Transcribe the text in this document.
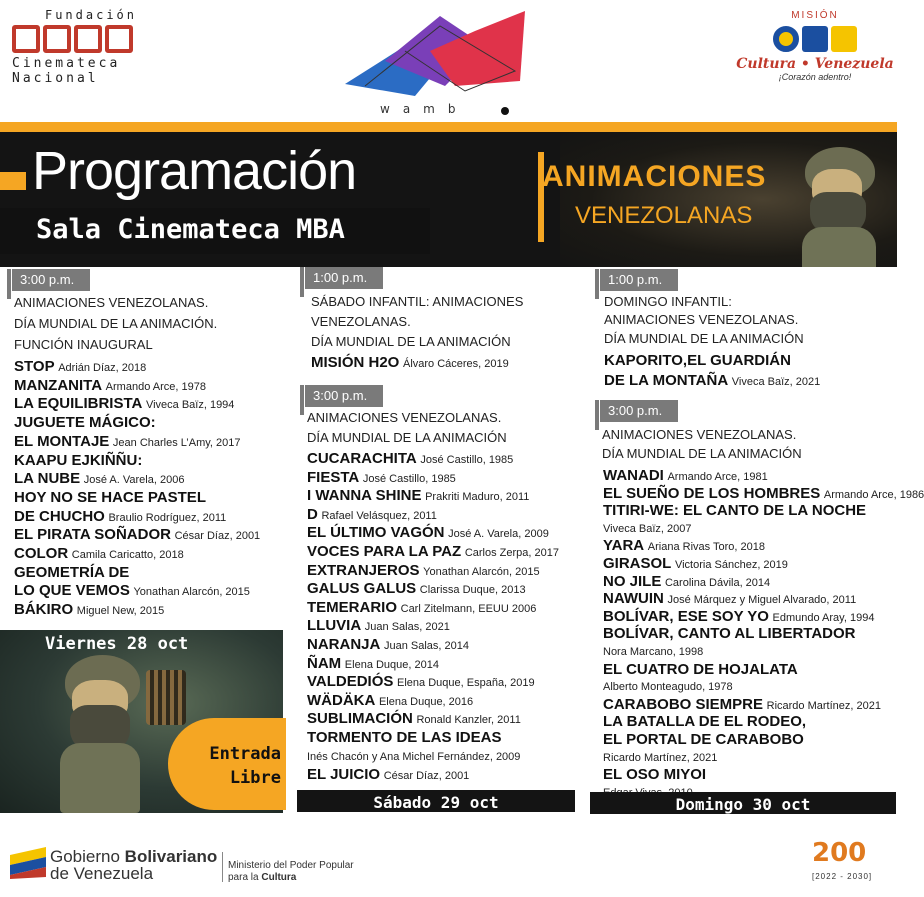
Fundación
Cinemateca
Nacional
wamb
MISIÓN
Cultura • Venezuela
¡Corazón adentro!
Programación
Sala Cinemateca MBA
ANIMACIONES
VENEZOLANAS
3:00 p.m.
ANIMACIONES VENEZOLANAS.
DÍA MUNDIAL DE LA ANIMACIÓN.
FUNCIÓN INAUGURAL
STOP Adrián Díaz, 2018
MANZANITA Armando Arce, 1978
LA EQUILIBRISTA Viveca Baïz, 1994
JUGUETE MÁGICO:
EL MONTAJE Jean Charles L’Amy, 2017
KAAPU EJKIÑÑU:
LA NUBE José A. Varela, 2006
HOY NO SE HACE PASTEL
DE CHUCHO Braulio Rodríguez, 2011
EL PIRATA SOÑADOR César Díaz, 2001
COLOR Camila Caricatto, 2018
GEOMETRÍA DE
LO QUE VEMOS Yonathan Alarcón, 2015
BÁKIRO Miguel New, 2015
Viernes 28 oct
Entrada
Libre
1:00 p.m.
SÁBADO INFANTIL: ANIMACIONES
VENEZOLANAS.
DÍA MUNDIAL DE LA ANIMACIÓN
MISIÓN H2O Álvaro Cáceres, 2019
3:00 p.m.
ANIMACIONES VENEZOLANAS.
DÍA MUNDIAL DE LA ANIMACIÓN
CUCARACHITA José Castillo, 1985
FIESTA José Castillo, 1985
I WANNA SHINE Prakriti Maduro, 2011
D Rafael Velásquez, 2011
EL ÚLTIMO VAGÓN José A. Varela, 2009
VOCES PARA LA PAZ Carlos Zerpa, 2017
EXTRANJEROS Yonathan Alarcón, 2015
GALUS GALUS Clarissa Duque, 2013
TEMERARIO Carl Zitelmann, EEUU 2006
LLUVIA Juan Salas, 2021
NARANJA Juan Salas, 2014
ÑAM Elena Duque, 2014
VALDEDIÓS Elena Duque, España, 2019
WÄDÄKA Elena Duque, 2016
SUBLIMACIÓN Ronald Kanzler, 2011
TORMENTO DE LAS IDEAS
Inés Chacón y Ana Michel Fernández, 2009
EL JUICIO César Díaz, 2001
Sábado 29 oct
1:00 p.m.
DOMINGO INFANTIL:
ANIMACIONES VENEZOLANAS.
DÍA MUNDIAL DE LA ANIMACIÓN
KAPORITO,EL GUARDIÁN
DE LA MONTAÑA Viveca Baïz, 2021
3:00 p.m.
ANIMACIONES VENEZOLANAS.
DÍA MUNDIAL DE LA ANIMACIÓN
WANADI Armando Arce, 1981
EL SUEÑO DE LOS HOMBRES Armando Arce, 1986
TITIRI-WE: EL CANTO DE LA NOCHE
Viveca Baïz, 2007
YARA Ariana Rivas Toro, 2018
GIRASOL Victoria Sánchez, 2019
NO JILE Carolina Dávila, 2014
NAWUIN José Márquez y Miguel Alvarado, 2011
BOLÍVAR, ESE SOY YO Edmundo Aray, 1994
BOLÍVAR, CANTO AL LIBERTADOR
Nora Marcano, 1998
EL CUATRO DE HOJALATA
Alberto Monteagudo, 1978
CARABOBO SIEMPRE Ricardo Martínez, 2021
LA BATALLA DE EL RODEO,
EL PORTAL DE CARABOBO
Ricardo Martínez, 2021
EL OSO MIYOI
Domingo 30 oct
Gobierno Bolivariano
de Venezuela	Ministerio del Poder Popular
para la Cultura
200
[2022 - 2030]
